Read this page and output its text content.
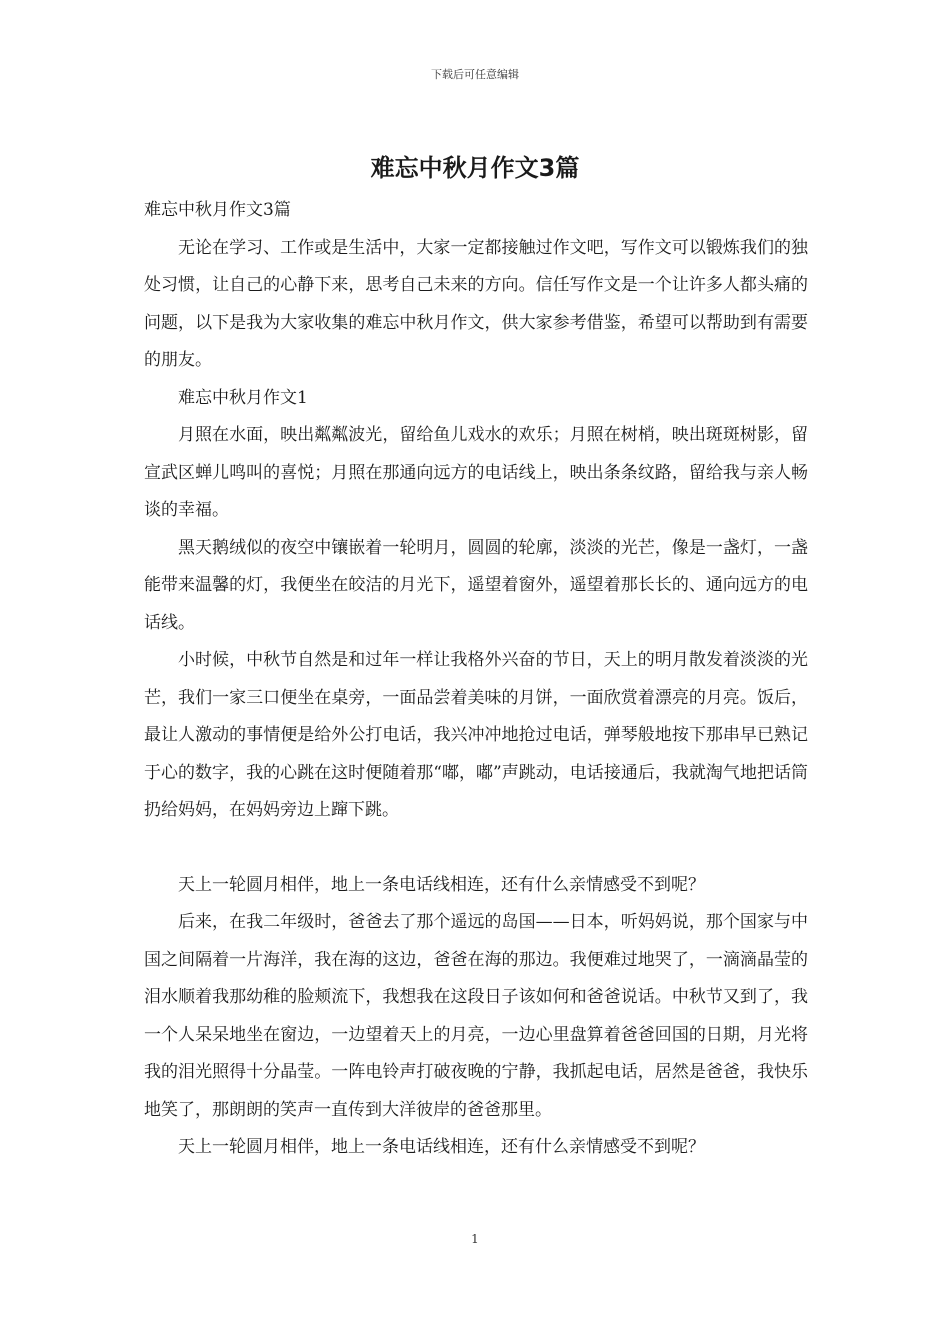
下载后可任意编辑
难忘中秋月作文3篇

难忘中秋月作文3篇

无论在学习、工作或是生活中，大家一定都接触过作文吧，写作文可以锻炼我们的独处习惯，让自己的心静下来，思考自己未来的方向。信任写作文是一个让许多人都头痛的问题，以下是我为大家收集的难忘中秋月作文，供大家参考借鉴，希望可以帮助到有需要的朋友。

难忘中秋月作文1

月照在水面，映出粼粼波光，留给鱼儿戏水的欢乐；月照在树梢，映出斑斑树影，留宣武区蝉儿鸣叫的喜悦；月照在那通向远方的电话线上，映出条条纹路，留给我与亲人畅谈的幸福。

黑天鹅绒似的夜空中镶嵌着一轮明月，圆圆的轮廓，淡淡的光芒，像是一盏灯，一盏能带来温馨的灯，我便坐在皎洁的月光下，遥望着窗外，遥望着那长长的、通向远方的电话线。

小时候，中秋节自然是和过年一样让我格外兴奋的节日，天上的明月散发着淡淡的光芒，我们一家三口便坐在桌旁，一面品尝着美味的月饼，一面欣赏着漂亮的月亮。饭后，最让人激动的事情便是给外公打电话，我兴冲冲地抢过电话，弹琴般地按下那串早已熟记于心的数字，我的心跳在这时便随着那“嘟，嘟”声跳动，电话接通后，我就淘气地把话筒扔给妈妈，在妈妈旁边上蹿下跳。

天上一轮圆月相伴，地上一条电话线相连，还有什么亲情感受不到呢？

后来，在我二年级时，爸爸去了那个遥远的岛国——日本，听妈妈说，那个国家与中国之间隔着一片海洋，我在海的这边，爸爸在海的那边。我便难过地哭了，一滴滴晶莹的泪水顺着我那幼稚的脸颊流下，我想我在这段日子该如何和爸爸说话。中秋节又到了，我一个人呆呆地坐在窗边，一边望着天上的月亮，一边心里盘算着爸爸回国的日期，月光将我的泪光照得十分晶莹。一阵电铃声打破夜晚的宁静，我抓起电话，居然是爸爸，我快乐地笑了，那朗朗的笑声一直传到大洋彼岸的爸爸那里。

天上一轮圆月相伴，地上一条电话线相连，还有什么亲情感受不到呢？

1
